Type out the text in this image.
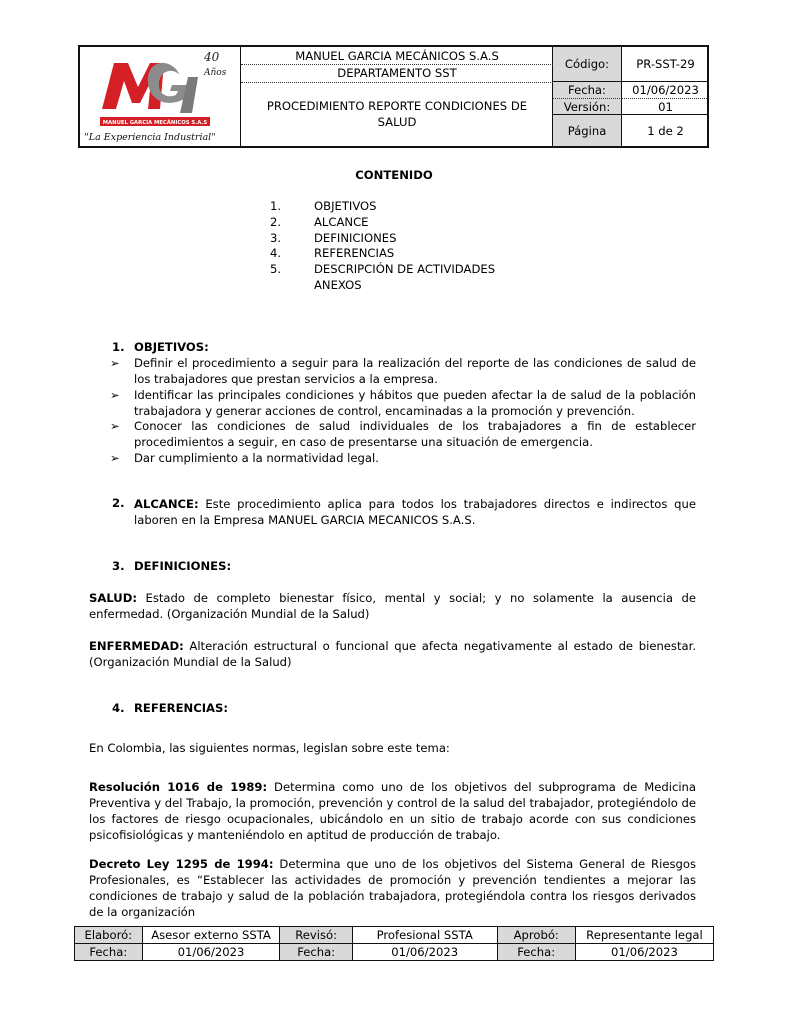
40
Años
MANUEL GARCIA MECÁNICOS S.A.S
"La Experiencia Industrial"
MANUEL GARCIA MECÁNICOS S.A.S
DEPARTAMENTO SST
PROCEDIMIENTO REPORTE CONDICIONES DE SALUD
Código:	PR-SST-29
Fecha:	01/06/2023
Versión:	01
Página	1 de 2
CONTENIDO
1.	OBJETIVOS
2.	ALCANCE
3.	DEFINICIONES
4.	REFERENCIAS
5.	DESCRIPCIÓN DE ACTIVIDADES
ANEXOS
1. OBJETIVOS:
➢ Definir el procedimiento a seguir para la realización del reporte de las condiciones de salud de los trabajadores que prestan servicios a la empresa.
➢ Identificar las principales condiciones y hábitos que pueden afectar la de salud de la población trabajadora y generar acciones de control, encaminadas a la promoción y prevención.
➢ Conocer las condiciones de salud individuales de los trabajadores a fin de establecer procedimientos a seguir, en caso de presentarse una situación de emergencia.
➢ Dar cumplimiento a la normatividad legal.
2. ALCANCE: Este procedimiento aplica para todos los trabajadores directos e indirectos que laboren en la Empresa MANUEL GARCIA MECANICOS S.A.S.
3. DEFINICIONES:
SALUD: Estado de completo bienestar físico, mental y social; y no solamente la ausencia de enfermedad. (Organización Mundial de la Salud)
ENFERMEDAD: Alteración estructural o funcional que afecta negativamente al estado de bienestar. (Organización Mundial de la Salud)
4. REFERENCIAS:
En Colombia, las siguientes normas, legislan sobre este tema:
Resolución 1016 de 1989: Determina como uno de los objetivos del subprograma de Medicina Preventiva y del Trabajo, la promoción, prevención y control de la salud del trabajador, protegiéndolo de los factores de riesgo ocupacionales, ubicándolo en un sitio de trabajo acorde con sus condiciones psicofisiológicas y manteniéndolo en aptitud de producción de trabajo.
Decreto Ley 1295 de 1994: Determina que uno de los objetivos del Sistema General de Riesgos Profesionales, es “Establecer las actividades de promoción y prevención tendientes a mejorar las condiciones de trabajo y salud de la población trabajadora, protegiéndola contra los riesgos derivados de la organización
Elaboró:	Asesor externo SSTA	Revisó:	Profesional SSTA	Aprobó:	Representante legal
Fecha:	01/06/2023	Fecha:	01/06/2023	Fecha:	01/06/2023
